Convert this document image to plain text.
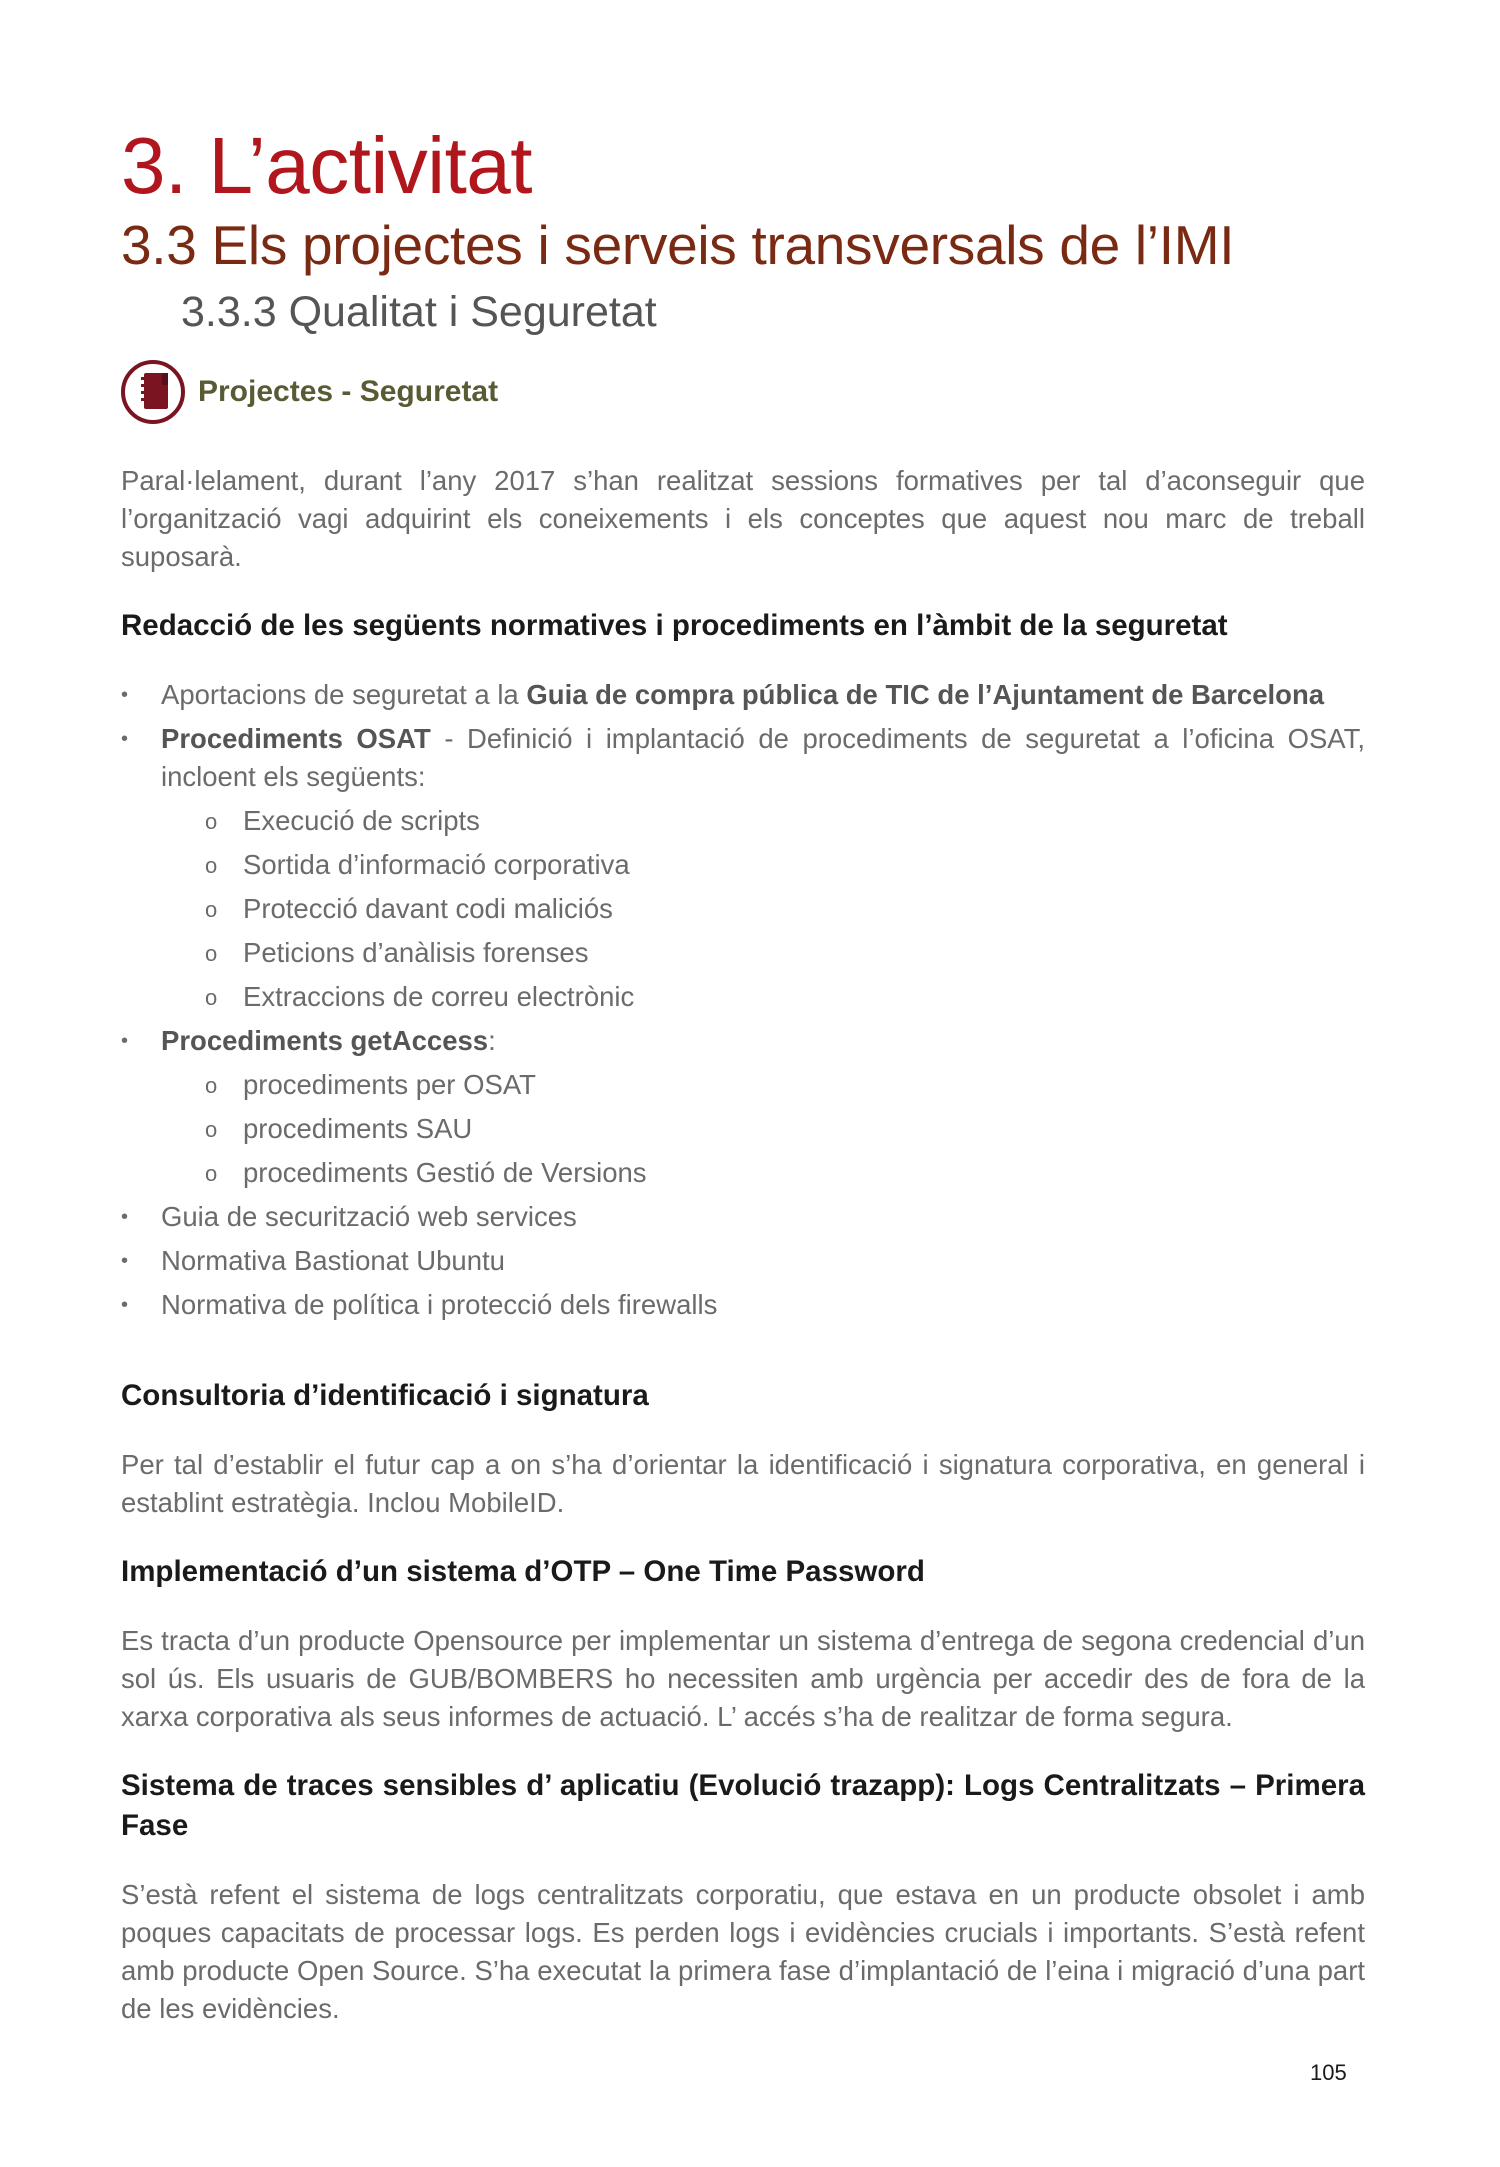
3. L’activitat
3.3 Els projectes i serveis transversals de l’IMI
3.3.3 Qualitat i Seguretat
Projectes - Seguretat

Paral·lelament, durant l’any 2017 s’han realitzat sessions formatives per tal d’aconseguir que l’organització vagi adquirint els coneixements i els conceptes que aquest nou marc de treball suposarà.

Redacció de les següents normatives i procediments en l’àmbit de la seguretat
• Aportacions de seguretat a la Guia de compra pública de TIC de l’Ajuntament de Barcelona
• Procediments OSAT - Definició i implantació de procediments de seguretat a l’oficina OSAT, incloent els següents:
o Execució de scripts
o Sortida d’informació corporativa
o Protecció davant codi maliciós
o Peticions d’anàlisis forenses
o Extraccions de correu electrònic
• Procediments getAccess:
o procediments per OSAT
o procediments SAU
o procediments Gestió de Versions
• Guia de securització web services
• Normativa Bastionat Ubuntu
• Normativa de política i protecció dels firewalls
Consultoria d’identificació i signatura

Per tal d’establir el futur cap a on s’ha d’orientar la identificació i signatura corporativa, en general i establint estratègia. Inclou MobileID.

Implementació d’un sistema d’OTP – One Time Password

Es tracta d’un producte Opensource per implementar un sistema d’entrega de segona credencial d’un sol ús. Els usuaris de GUB/BOMBERS ho necessiten amb urgència per accedir des de fora de la xarxa corporativa als seus informes de actuació. L’ accés s’ha de realitzar de forma segura.

Sistema de traces sensibles d’ aplicatiu (Evolució trazapp): Logs Centralitzats – Primera Fase

S’està refent el sistema de logs centralitzats corporatiu, que estava en un producte obsolet i amb poques capacitats de processar logs. Es perden logs i evidències crucials i importants. S’està refent amb producte Open Source. S’ha executat la primera fase d’implantació de l’eina i migració d’una part de les evidències.

105
